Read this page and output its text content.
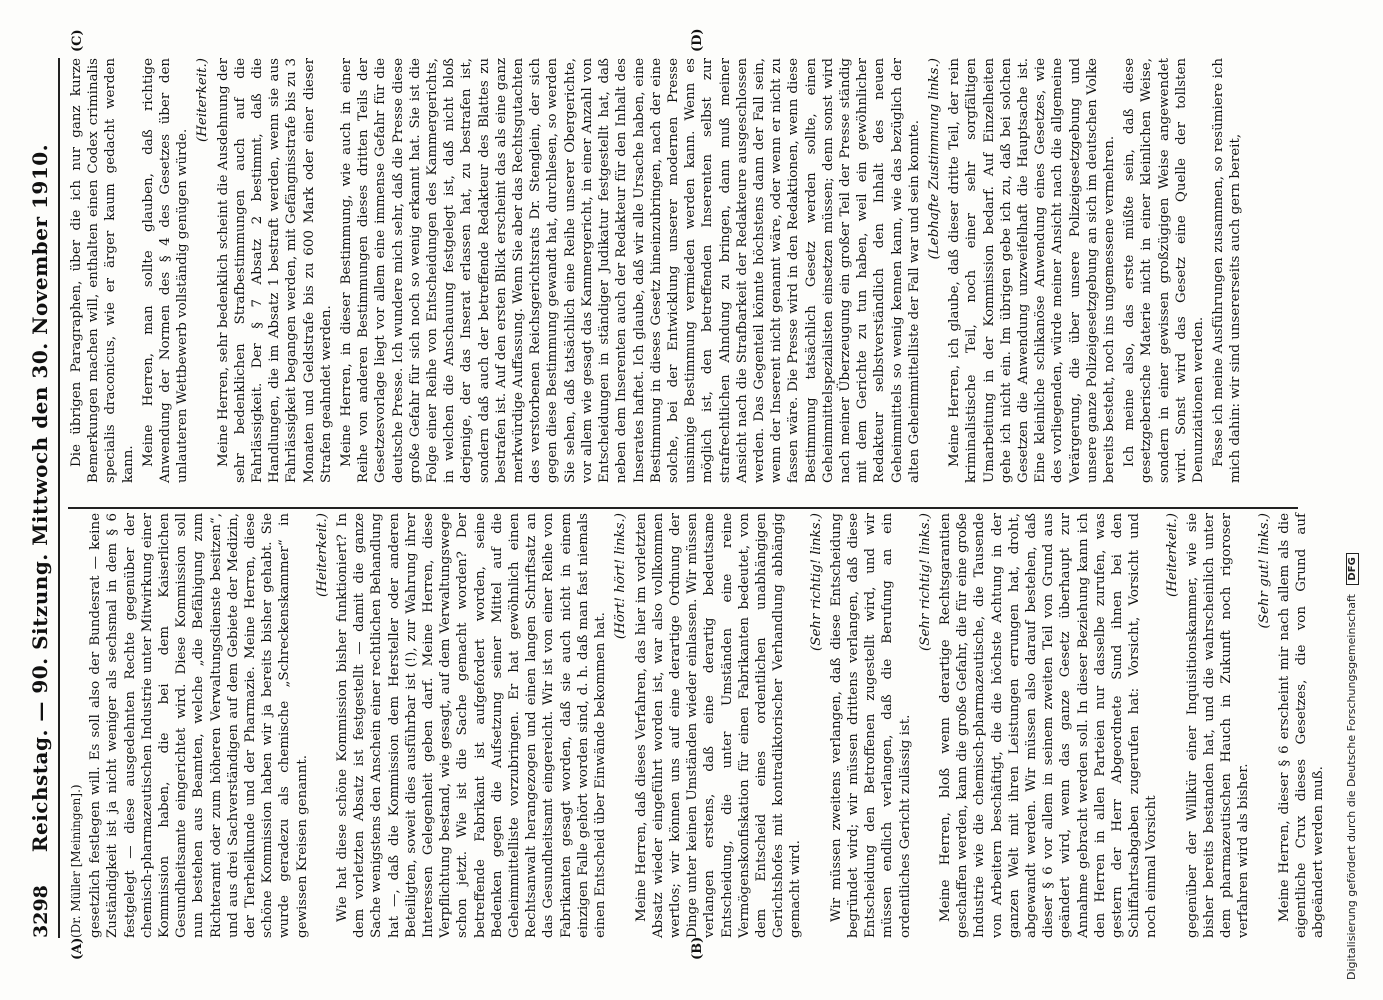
3298
Reichstag. — 90. Sitzung. Mittwoch den 30. November 1910.
(A)	(B)
(C)	(D)
(Dr. Müller [Meiningen].) gesetzlich festlegen will. Es soll also der Bundesrat — keine Zuständigkeit ist ja nicht weniger als sechsmal in dem § 6 festgelegt — diese ausgedehnten Rechte gegenüber der chemisch-pharmazeutischen Industrie unter Mitwirkung einer Kommission haben, die bei dem Kaiserlichen Gesundheitsamte eingerichtet wird. Diese Kommission soll nun bestehen aus Beamten, welche „die Befähigung zum Richteramt oder zum höheren Verwaltungsdienste besitzen“, und aus drei Sachverständigen auf dem Gebiete der Medizin, der Tierheilkunde und der Pharmazie. Meine Herren, diese schöne Kommission haben wir ja bereits bisher gehabt. Sie wurde geradezu als chemische „Schreckenskammer“ in gewissen Kreisen genannt.

(Heiterkeit.) Wie hat diese schöne Kommission bisher funktioniert? In dem vorletzten Absatz ist festgestellt — damit die ganze Sache wenigstens den Anschein einer rechtlichen Behandlung hat —, daß die Kommission dem Hersteller oder anderen Beteiligten, soweit dies ausführbar ist (!), zur Wahrung ihrer Interessen Gelegenheit geben darf. Meine Herren, diese Verpflichtung bestand, wie gesagt, auf dem Verwaltungswege schon jetzt. Wie ist die Sache gemacht worden? Der betreffende Fabrikant ist aufgefordert worden, seine Bedenken gegen die Aufsetzung seiner Mittel auf die Geheimmittelliste vorzubringen. Er hat gewöhnlich einen Rechtsanwalt herangezogen und einen langen Schriftsatz an das Gesundheitsamt eingereicht. Wir ist von einer Reihe von Fabrikanten gesagt worden, daß sie auch nicht in einem einzigen Falle gehört worden sind, d. h. daß man fast niemals einen Entscheid über Einwände bekommen hat.

(Hört! hört! links.) Meine Herren, daß dieses Verfahren, das hier im vorletzten Absatz wieder eingeführt worden ist, war also vollkommen wertlos; wir können uns auf eine derartige Ordnung der Dinge unter keinen Umständen wieder einlassen. Wir müssen verlangen erstens, daß eine derartig bedeutsame Entscheidung, die unter Umständen eine reine Vermögenskonfiskation für einen Fabrikanten bedeutet, von dem Entscheid eines ordentlichen unabhängigen Gerichtshofes mit kontradiktorischer Verhandlung abhängig gemacht wird.

(Sehr richtig! links.) Wir müssen zweitens verlangen, daß diese Entscheidung begründet wird; wir müssen drittens verlangen, daß diese Entscheidung den Betroffenen zugestellt wird, und wir müssen endlich verlangen, daß die Berufung an ein ordentliches Gericht zulässig ist.

(Sehr richtig! links.) Meine Herren, bloß wenn derartige Rechtsgarantien geschaffen werden, kann die große Gefahr, die für eine große Industrie wie die chemisch-pharmazeutische, die Tausende von Arbeitern beschäftigt, die die höchste Achtung in der ganzen Welt mit ihren Leistungen errungen hat, droht, abgewandt werden. Wir müssen also darauf bestehen, daß dieser § 6 vor allem in seinem zweiten Teil von Grund aus geändert wird, wenn das ganze Gesetz überhaupt zur Annahme gebracht werden soll. In dieser Beziehung kann ich den Herren in allen Parteien nur dasselbe zurufen, was gestern der Herr Abgeordnete Sund ihnen bei den Schiffahrtsabgaben zugerufen hat: Vorsicht, Vorsicht und noch einmal Vorsicht

(Heiterkeit.) gegenüber der Willkür einer Inquisitionskammer, wie sie bisher bereits bestanden hat, und die wahrscheinlich unter dem pharmazeutischen Hauch in Zukunft noch rigoroser verfahren wird als bisher.

(Sehr gut! links.) Meine Herren, dieser § 6 erscheint mir nach allem als die eigentliche Crux dieses Gesetzes, die von Grund auf abgeändert werden muß.

Die übrigen Paragraphen, über die ich nur ganz kurze Bemerkungen machen will, enthalten einen Codex criminalis specialis draconicus, wie er ärger kaum gedacht werden kann. Meine Herren, man sollte glauben, daß richtige Anwendung der Normen des § 4 des Gesetzes über den unlauteren Wettbewerb vollständig genügen würde.

(Heiterkeit.) Meine Herren, sehr bedenklich scheint die Ausdehnung der sehr bedenklichen Strafbestimmungen auch auf die Fahrlässigkeit. Der § 7 Absatz 2 bestimmt, daß die Handlungen, die im Absatz 1 bestraft werden, wenn sie aus Fahrlässigkeit begangen werden, mit Gefängnisstrafe bis zu 3 Monaten und Geldstrafe bis zu 600 Mark oder einer dieser Strafen geahndet werden. Meine Herren, in dieser Bestimmung, wie auch in einer Reihe von anderen Bestimmungen dieses dritten Teils der Gesetzesvorlage liegt vor allem eine immense Gefahr für die deutsche Presse. Ich wundere mich sehr, daß die Presse diese große Gefahr für sich noch so wenig erkannt hat. Sie ist die Folge einer Reihe von Entscheidungen des Kammergerichts, in welchen die Anschauung festgelegt ist, daß nicht bloß derjenige, der das Inserat erlassen hat, zu bestrafen ist, sondern daß auch der betreffende Redakteur des Blattes zu bestrafen ist. Auf den ersten Blick erscheint das als eine ganz merkwürdige Auffassung. Wenn Sie aber das Rechtsgutachten des verstorbenen Reichsgerichtsrats Dr. Stenglein, der sich gegen diese Bestimmung gewandt hat, durchlesen, so werden Sie sehen, daß tatsächlich eine Reihe unserer Obergerichte, vor allem wie gesagt das Kammergericht, in einer Anzahl von Entscheidungen in ständiger Judikatur festgestellt hat, daß neben dem Inserenten auch der Redakteur für den Inhalt des Inserates haftet. Ich glaube, daß wir alle Ursache haben, eine Bestimmung in dieses Gesetz hineinzubringen, nach der eine solche, bei der Entwicklung unserer modernen Presse unsinnige Bestimmung vermieden werden kann. Wenn es möglich ist, den betreffenden Inserenten selbst zur strafrechtlichen Ahndung zu bringen, dann muß meiner Ansicht nach die Strafbarkeit der Redakteure ausgeschlossen werden. Das Gegenteil könnte höchstens dann der Fall sein, wenn der Inserent nicht genannt wäre, oder wenn er nicht zu fassen wäre. Die Presse wird in den Redaktionen, wenn diese Bestimmung tatsächlich Gesetz werden sollte, einen Geheimmittelspezialisten einsetzen müssen; denn sonst wird nach meiner Überzeugung ein großer Teil der Presse ständig mit dem Gerichte zu tun haben, weil ein gewöhnlicher Redakteur selbstverständlich den Inhalt des neuen Geheimmittels so wenig kennen kann, wie das bezüglich der alten Geheimmittelliste der Fall war und sein konnte. (Lebhafte Zustimmung links.) Meine Herren, ich glaube, daß dieser dritte Teil, der rein kriminalistische Teil, noch einer sehr sorgfältigen Umarbeitung in der Kommission bedarf. Auf Einzelheiten gehe ich nicht ein. Im übrigen gebe ich zu, daß bei solchen Gesetzen die Anwendung unzweifelhaft die Hauptsache ist. Eine kleinliche schikanöse Anwendung eines Gesetzes, wie des vorliegenden, würde meiner Ansicht nach die allgemeine Verärgerung, die über unsere Polizeigesetzgebung und unsere ganze Polizeigesetzgebung an sich im deutschen Volke bereits besteht, noch ins ungemessene vermehren. Ich meine also, das erste müßte sein, daß diese gesetzgeberische Materie nicht in einer kleinlichen Weise, sondern in einer gewissen großzügigen Weise angewendet wird. Sonst wird das Gesetz eine Quelle der tollsten Denunziationen werden. Fasse ich meine Ausführungen zusammen, so resümiere ich mich dahin: wir sind unsererseits auch gern bereit,

Digitalisierung gefördert durch die Deutsche Forschungsgemeinschaft DFG
